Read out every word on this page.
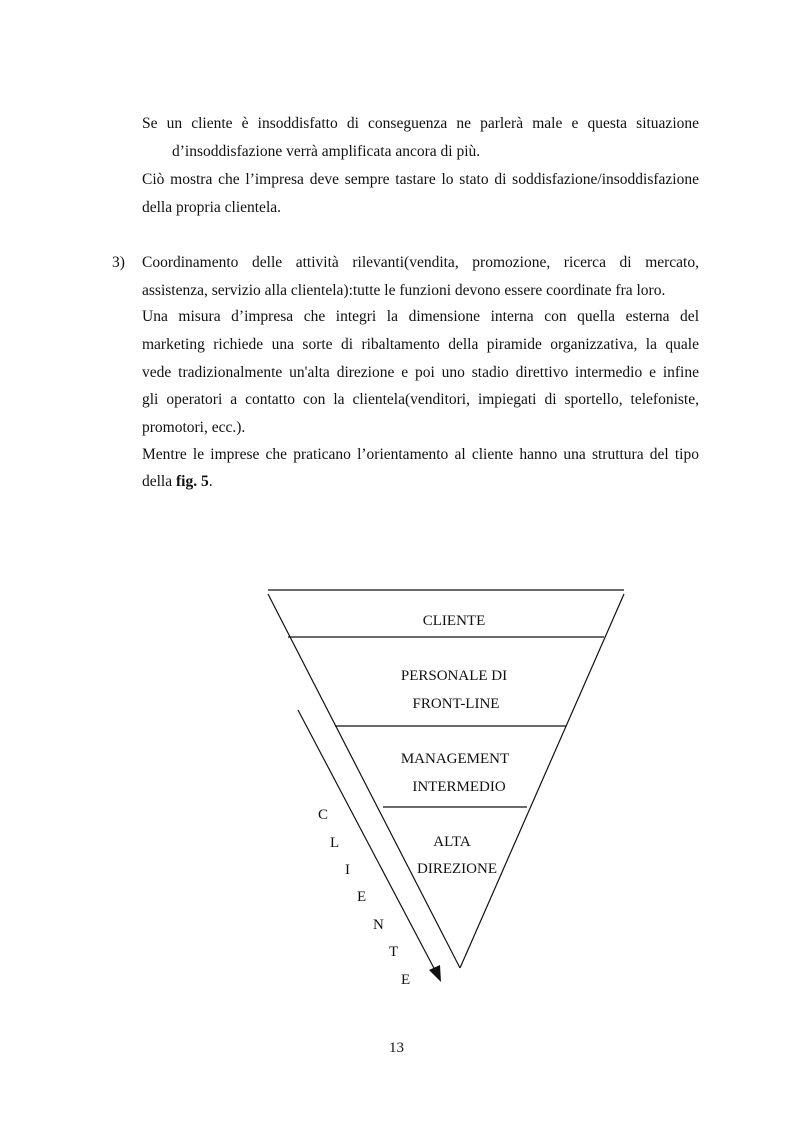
Se un cliente è insoddisfatto di conseguenza ne parlerà male e questa situazione
d’insoddisfazione verrà amplificata ancora di più.
Ciò mostra che l’impresa deve sempre tastare lo stato di soddisfazione/insoddisfazione
della propria clientela.
3) Coordinamento delle attività rilevanti(vendita, promozione, ricerca di mercato,
assistenza, servizio alla clientela):tutte le funzioni devono essere coordinate fra loro.
Una misura d’impresa che integri la dimensione interna con quella esterna del
marketing richiede una sorte di ribaltamento della piramide organizzativa, la quale
vede tradizionalmente un'alta direzione e poi uno stadio direttivo intermedio e infine
gli operatori a contatto con la clientela(venditori, impiegati di sportello, telefoniste,
promotori, ecc.).
Mentre le imprese che praticano l’orientamento al cliente hanno una struttura del tipo
della fig. 5.
CLIENTE
PERSONALE DI
FRONT-LINE
MANAGEMENT
INTERMEDIO
ALTA
DIREZIONE
C
L
I
E
N
T
E
13
